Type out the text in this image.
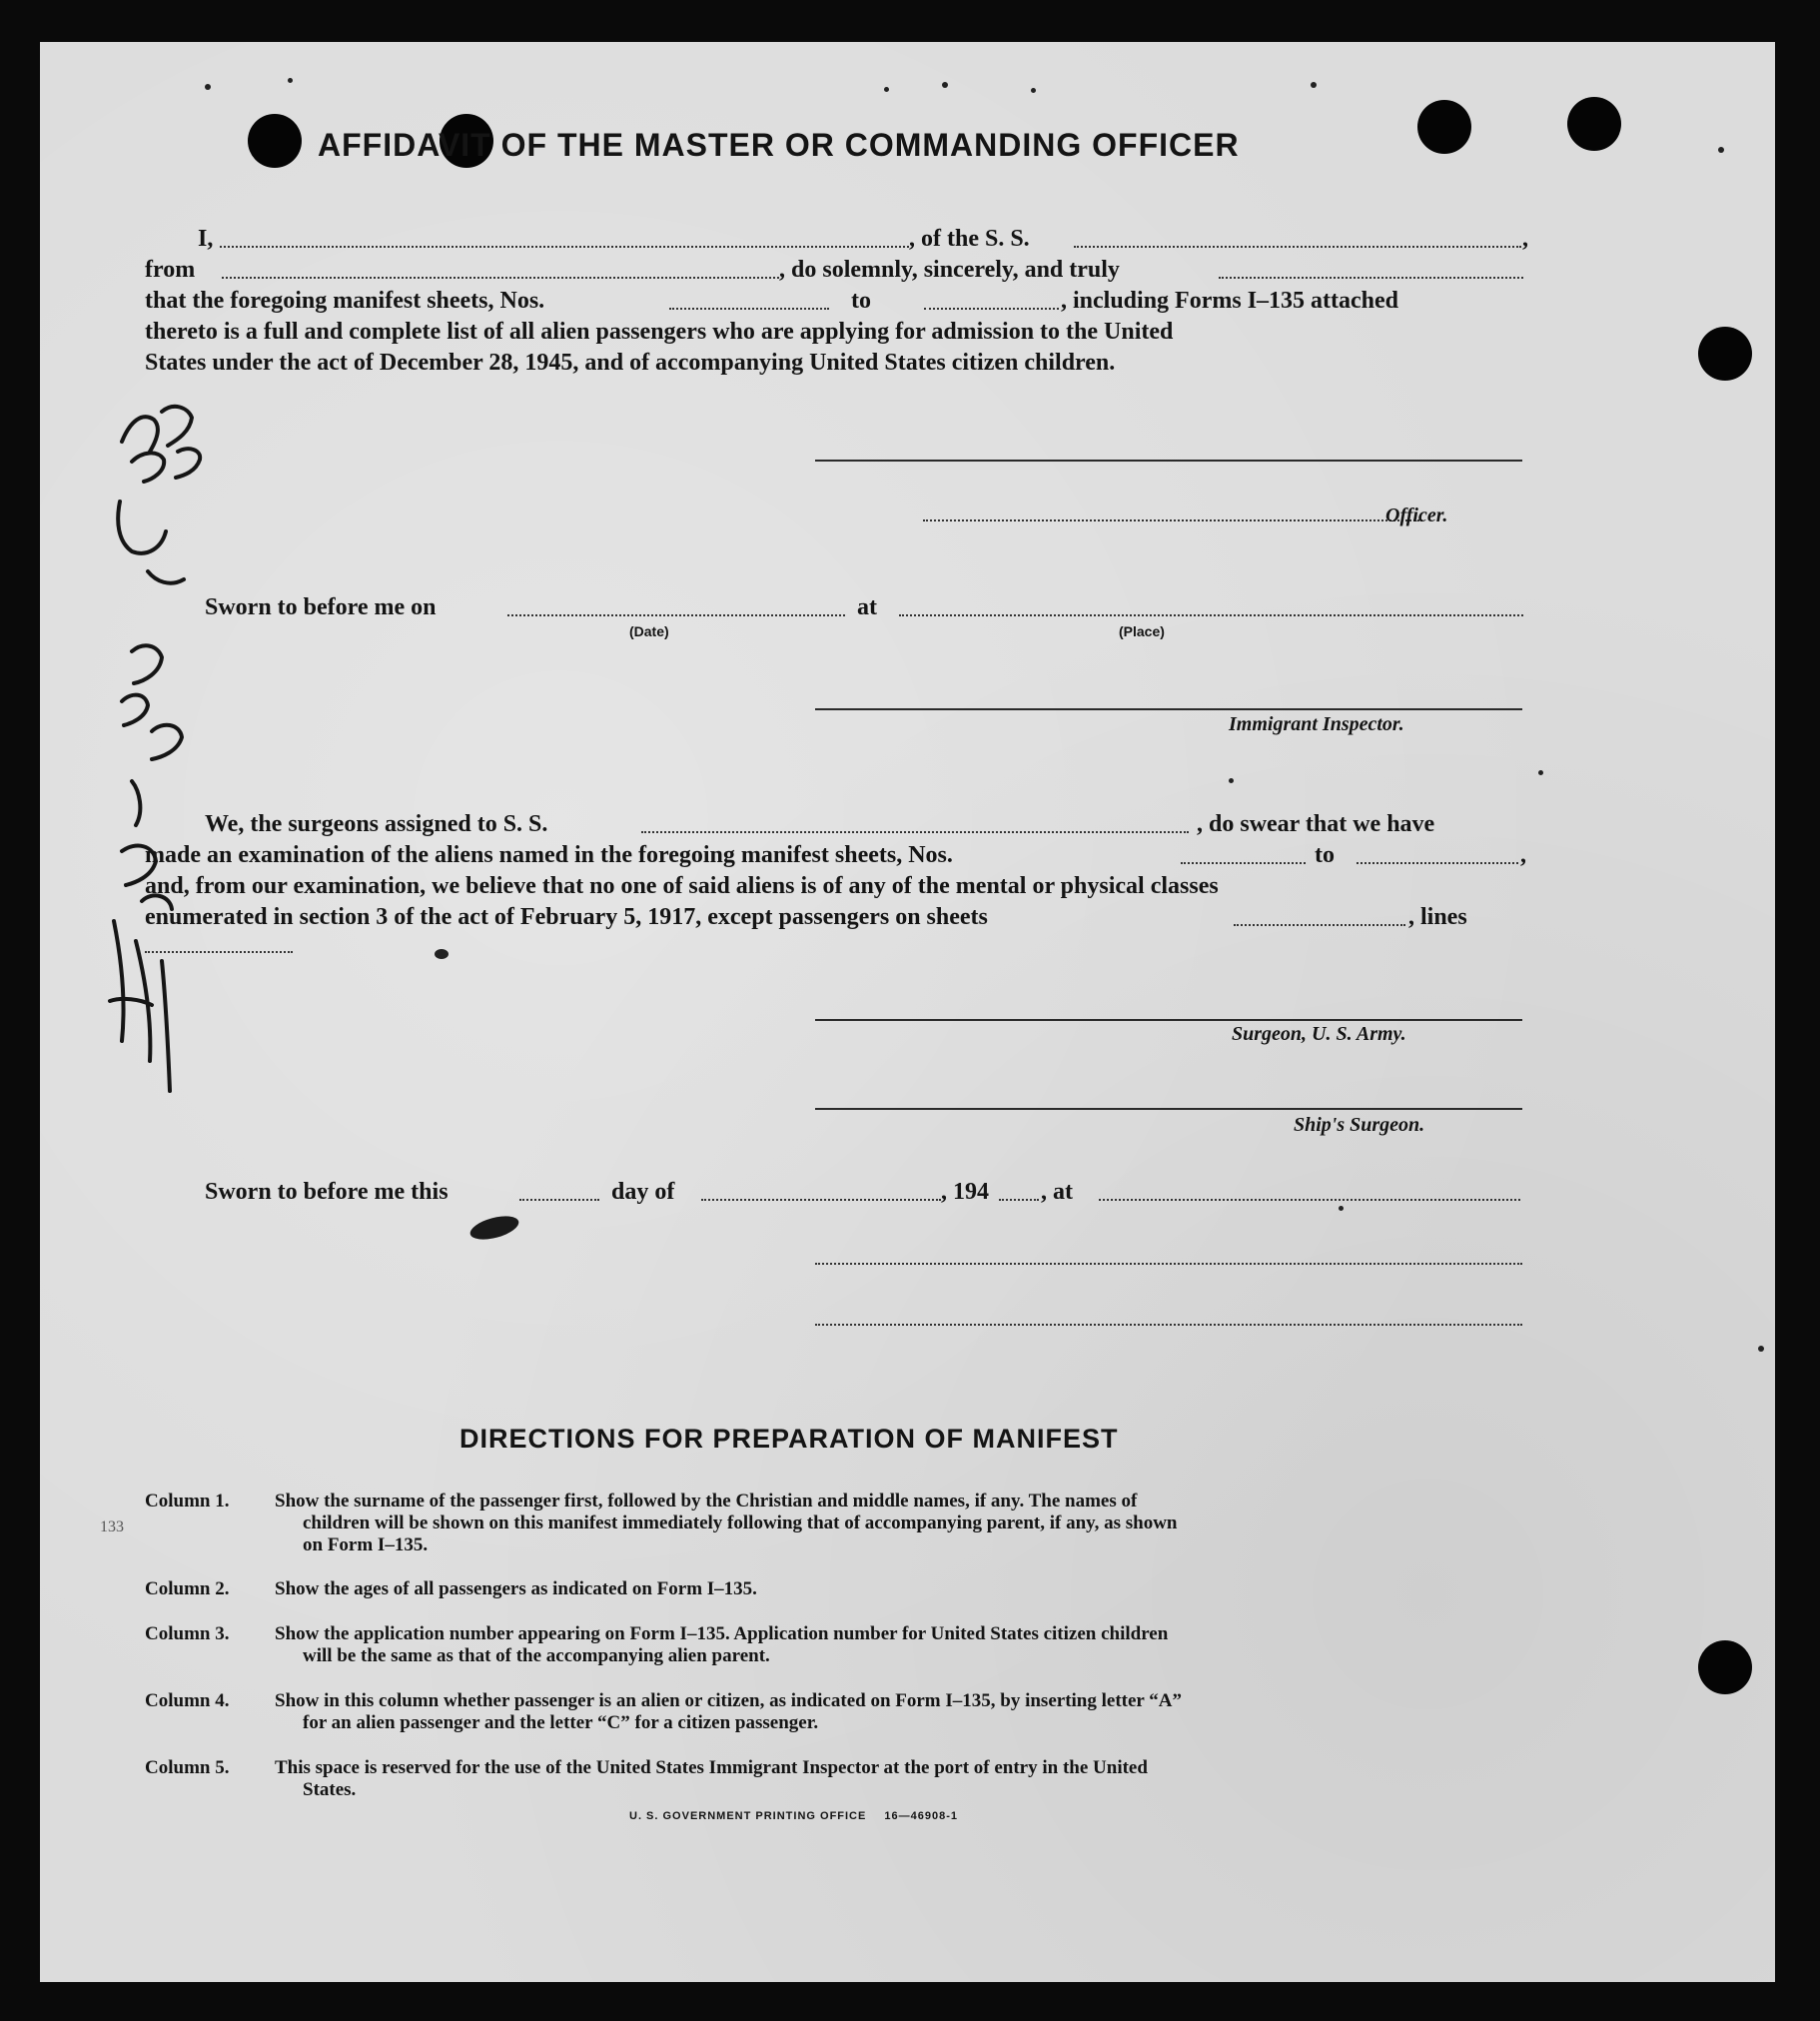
AFFIDAVIT OF THE MASTER OR COMMANDING OFFICER
I,	, of the S. S.	,
from	, do solemnly, sincerely, and truly
that the foregoing manifest sheets, Nos.	to	, including Forms I–135 attached
thereto is a full and complete list of all alien passengers who are applying for admission to the United
States under the act of December 28, 1945, and of accompanying United States citizen children.
Officer.
Sworn to before me on	at
(Date)	(Place)
Immigrant Inspector.
We, the surgeons assigned to S. S.	, do swear that we have
made an examination of the aliens named in the foregoing manifest sheets, Nos.	to	,
and, from our examination, we believe that no one of said aliens is of any of the mental or physical classes
enumerated in section 3 of the act of February 5, 1917, except passengers on sheets	, lines
Surgeon, U. S. Army.
Ship's Surgeon.
Sworn to before me this	day of	, 194 , at
DIRECTIONS FOR PREPARATION OF MANIFEST
Column 1.	Show the surname of the passenger first, followed by the Christian and middle names, if any. The names of
children will be shown on this manifest immediately following that of accompanying parent, if any, as shown
on Form I–135.
Column 2.	Show the ages of all passengers as indicated on Form I–135.
Column 3.	Show the application number appearing on Form I–135. Application number for United States citizen children
will be the same as that of the accompanying alien parent.
Column 4.	Show in this column whether passenger is an alien or citizen, as indicated on Form I–135, by inserting letter “A”
for an alien passenger and the letter “C” for a citizen passenger.
Column 5.	This space is reserved for the use of the United States Immigrant Inspector at the port of entry in the United
States.
U. S. GOVERNMENT PRINTING OFFICE 16—46908-1
133
